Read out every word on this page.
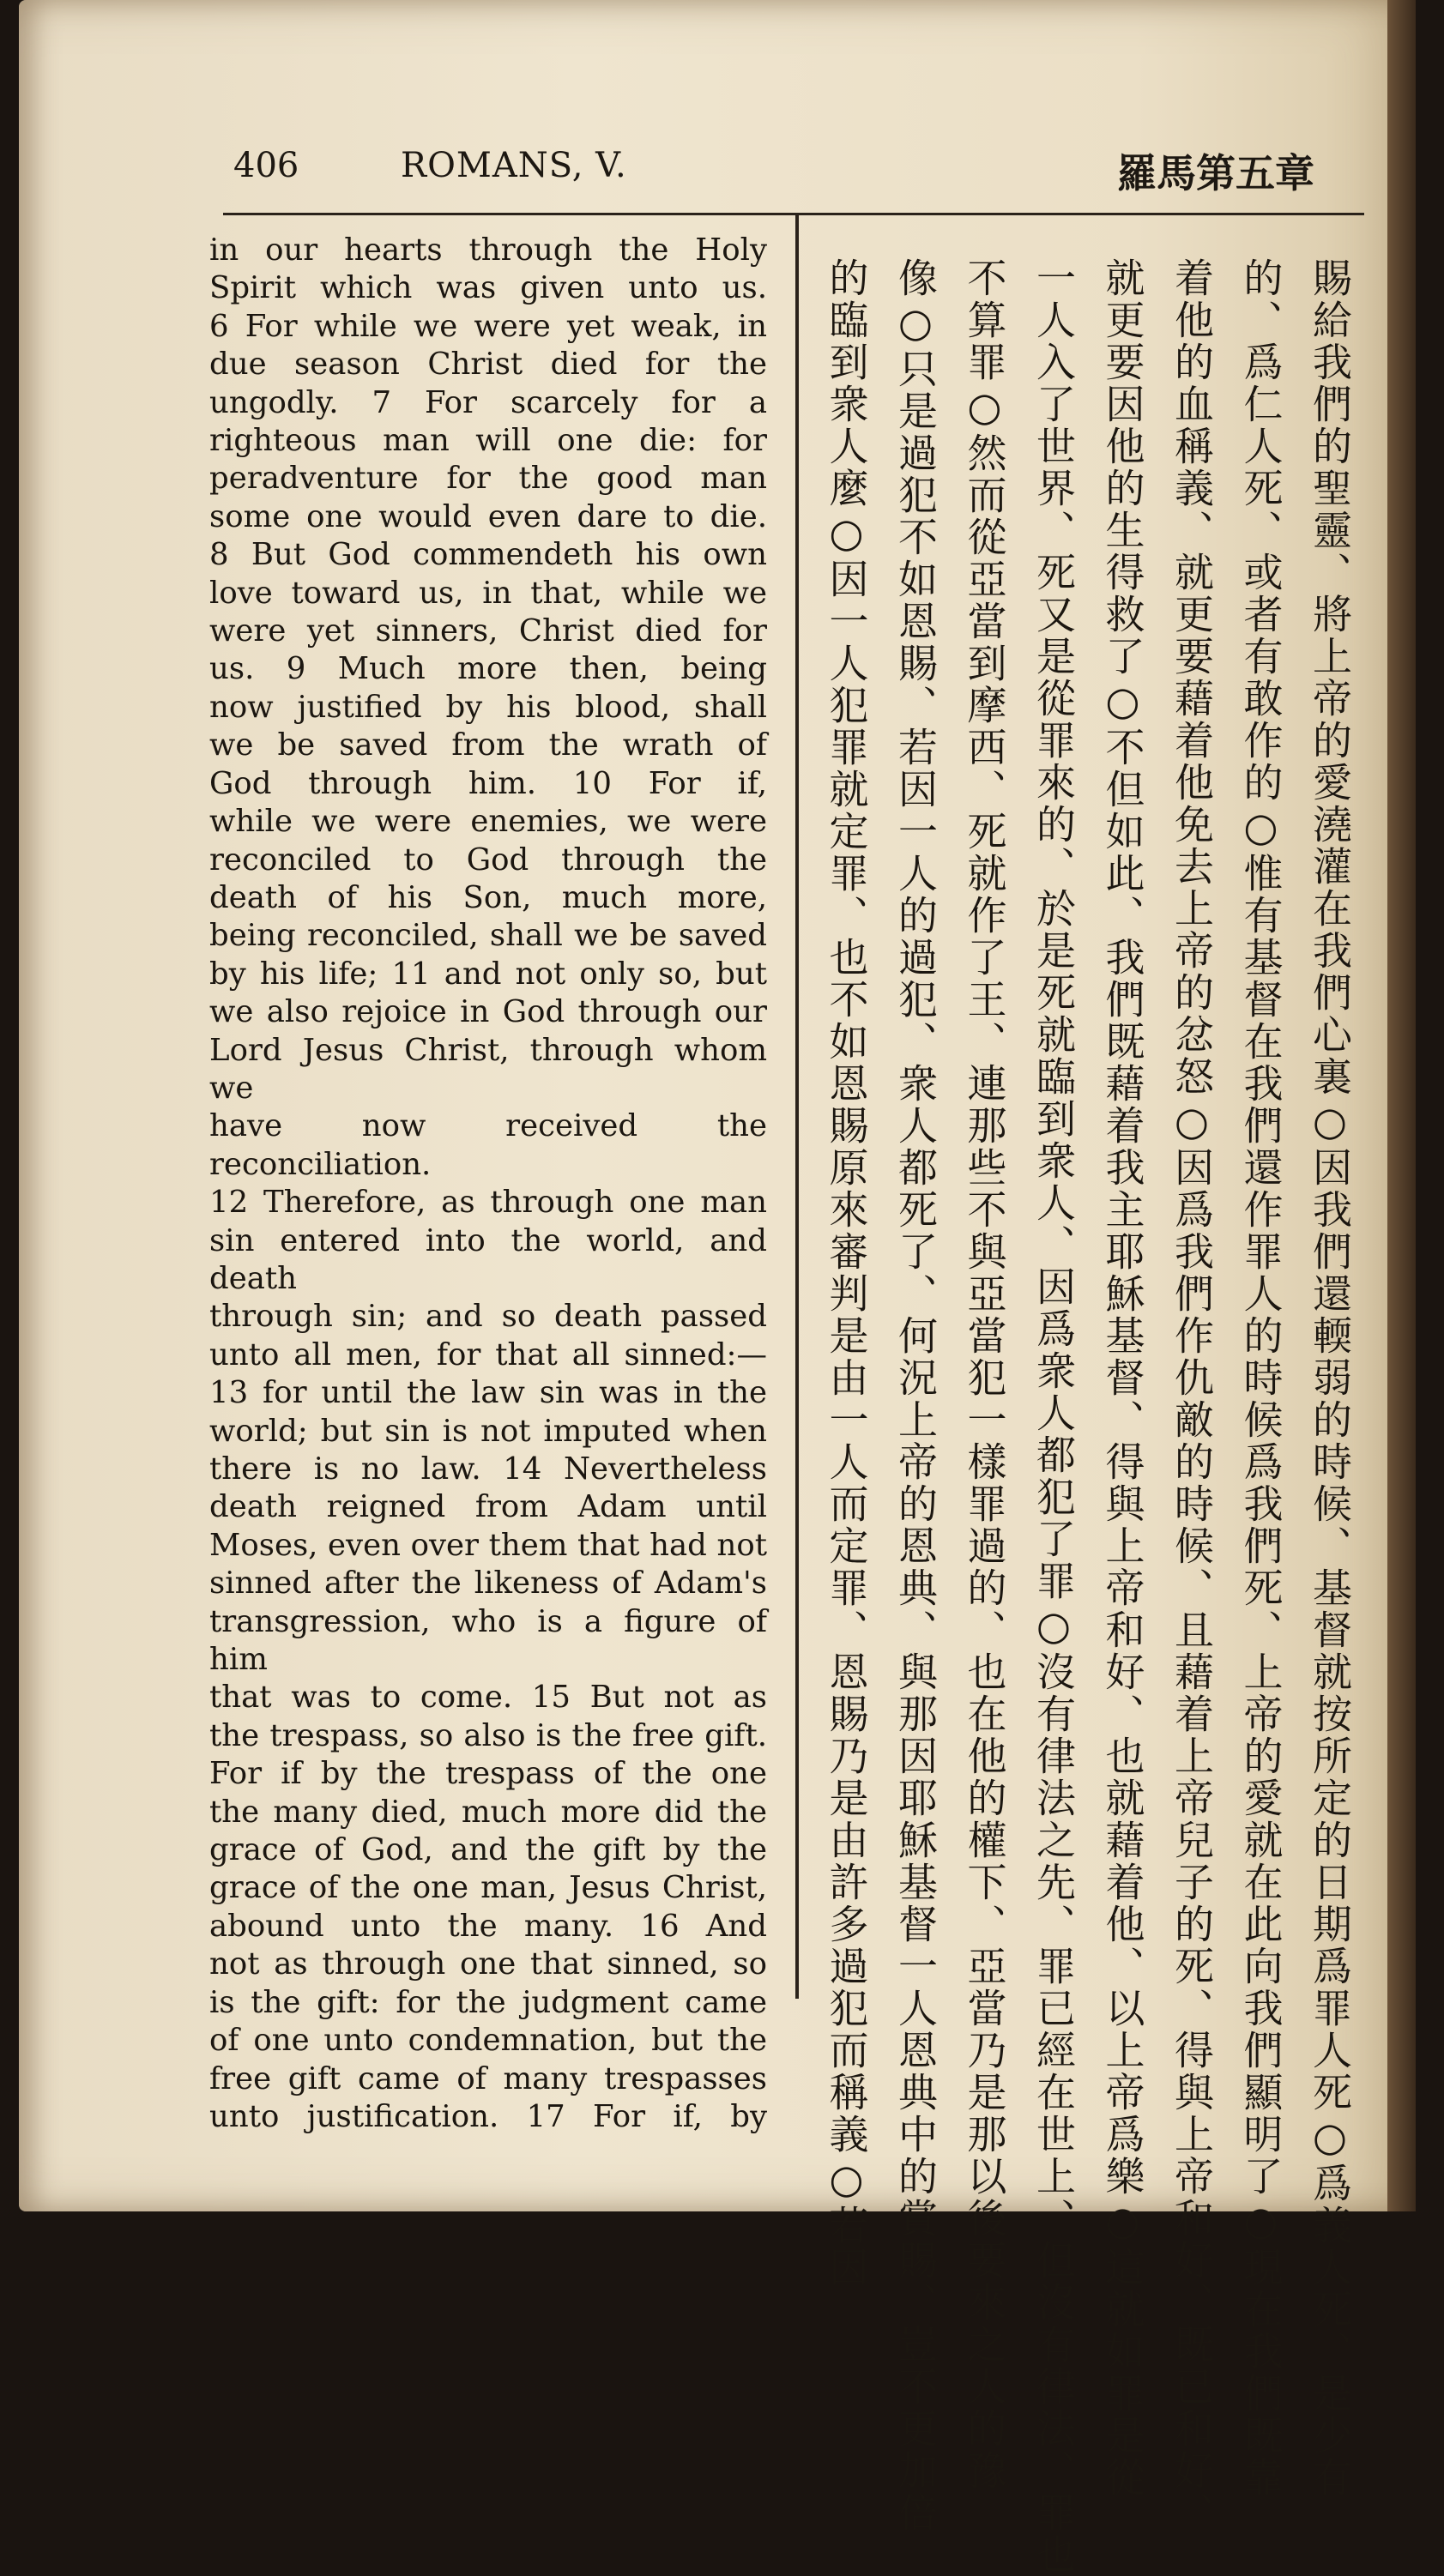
406	ROMANS, V.	羅馬第五章

in our hearts through the Holy

Spirit which was given unto us.

6 For while we were yet weak, in

due season Christ died for the

ungodly. 7 For scarcely for a

righteous man will one die: for

peradventure for the good man

some one would even dare to die.

8 But God commendeth his own

love toward us, in that, while we

were yet sinners, Christ died for

us. 9 Much more then, being

now justified by his blood, shall

we be saved from the wrath of

God through him. 10 For if,

while we were enemies, we were

reconciled to God through the

death of his Son, much more,

being reconciled, shall we be saved

by his life; 11 and not only so, but

we also rejoice in God through our

Lord Jesus Christ, through whom we

have now received the reconciliation.

12 Therefore, as through one man

sin entered into the world, and death

through sin; and so death passed

unto all men, for that all sinned:—

13 for until the law sin was in the

world; but sin is not imputed when

there is no law. 14 Nevertheless

death reigned from Adam until

Moses, even over them that had not

sinned after the likeness of Adam's

transgression, who is a figure of him

that was to come. 15 But not as

the trespass, so also is the free gift.

For if by the trespass of the one

the many died, much more did the

grace of God, and the gift by the

grace of the one man, Jesus Christ,

abound unto the many. 16 And

not as through one that sinned, so

is the gift: for the judgment came

of one unto condemnation, but the

free gift came of many trespasses

unto justification. 17 For if, by	賜給我們的聖靈、將上帝的愛澆灌在我們心裏○因我們還輭弱的時候、基督就按所定的日期爲罪人死○爲義人死、是少有
的、爲仁人死、或者有敢作的○惟有基督在我們還作罪人的時候爲我們死、上帝的愛就在此向我們顯明了○現在我們既靠
着他的血稱義、就更要藉着他免去上帝的忿怒○因爲我們作仇敵的時候、且藉着上帝兒子的死、得與上帝和好、既已和好、
就更要因他的生得救了○不但如此、我們既藉着我主耶穌基督、得與上帝和好、也就藉着他、以上帝爲樂○這就如罪是從
一人入了世界、死又是從罪來的、於是死就臨到衆人、因爲衆人都犯了罪○沒有律法之先、罪已經在世上、但沒有律法、罪也
不算罪○然而從亞當到摩西、死就作了王、連那些不與亞當犯一樣罪過的、也在他的權下、亞當乃是那以後要來之人的豫
像○只是過犯不如恩賜、若因一人的過犯、衆人都死了、何況上帝的恩典、與那因耶穌基督一人恩典中的賞賜、豈不更加倍
的臨到衆人麼○因一人犯罪就定罪、也不如恩賜原來審判是由一人而定罪、恩賜乃是由許多過犯而稱義○若因
